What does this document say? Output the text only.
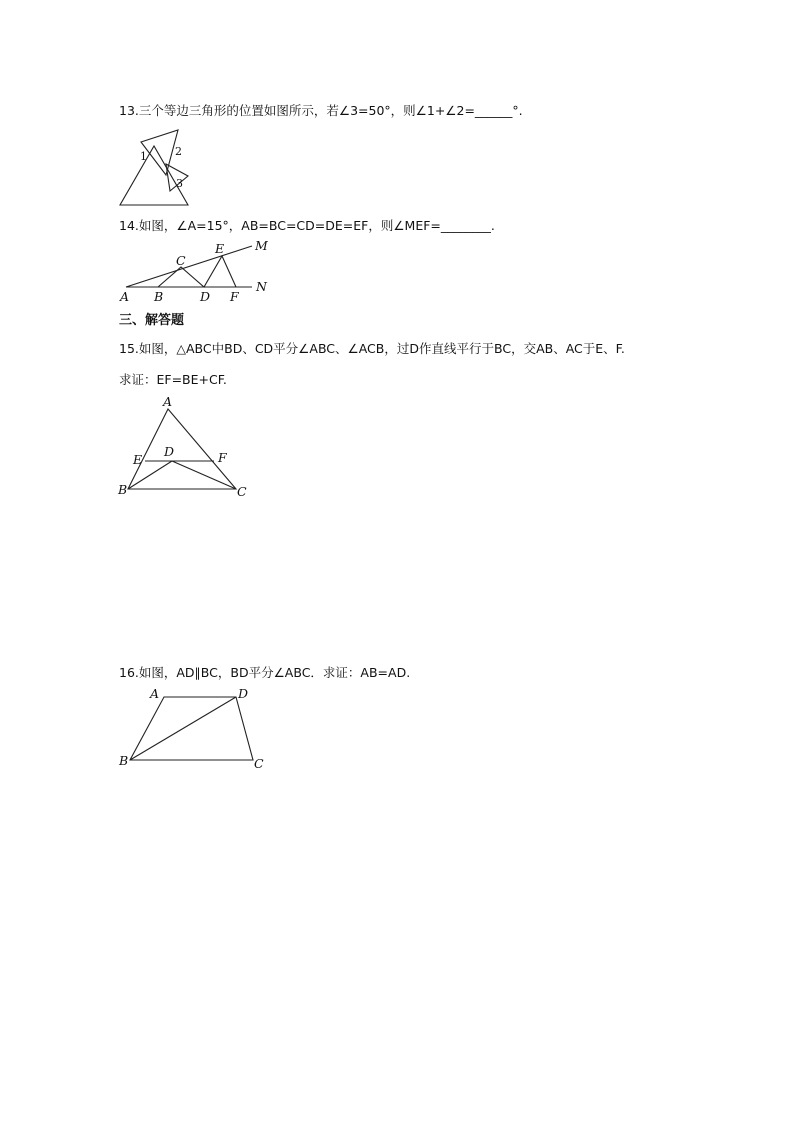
13.三个等边三角形的位置如图所示，若∠3=50°，则∠1+∠2=______°.
1	2
3
14.如图，∠A=15°，AB=BC=CD=DE=EF，则∠MEF=________.
E M
C
N
A B	D F
三、解答题
15.如图，△ABC中BD、CD平分∠ABC、∠ACB，过D作直线平行于BC，交AB、AC于E、F.
求证：EF=BE+CF.
A
D
E	F
B	C
16.如图，AD∥BC，BD平分∠ABC．求证：AB=AD.
A	D
B	C
